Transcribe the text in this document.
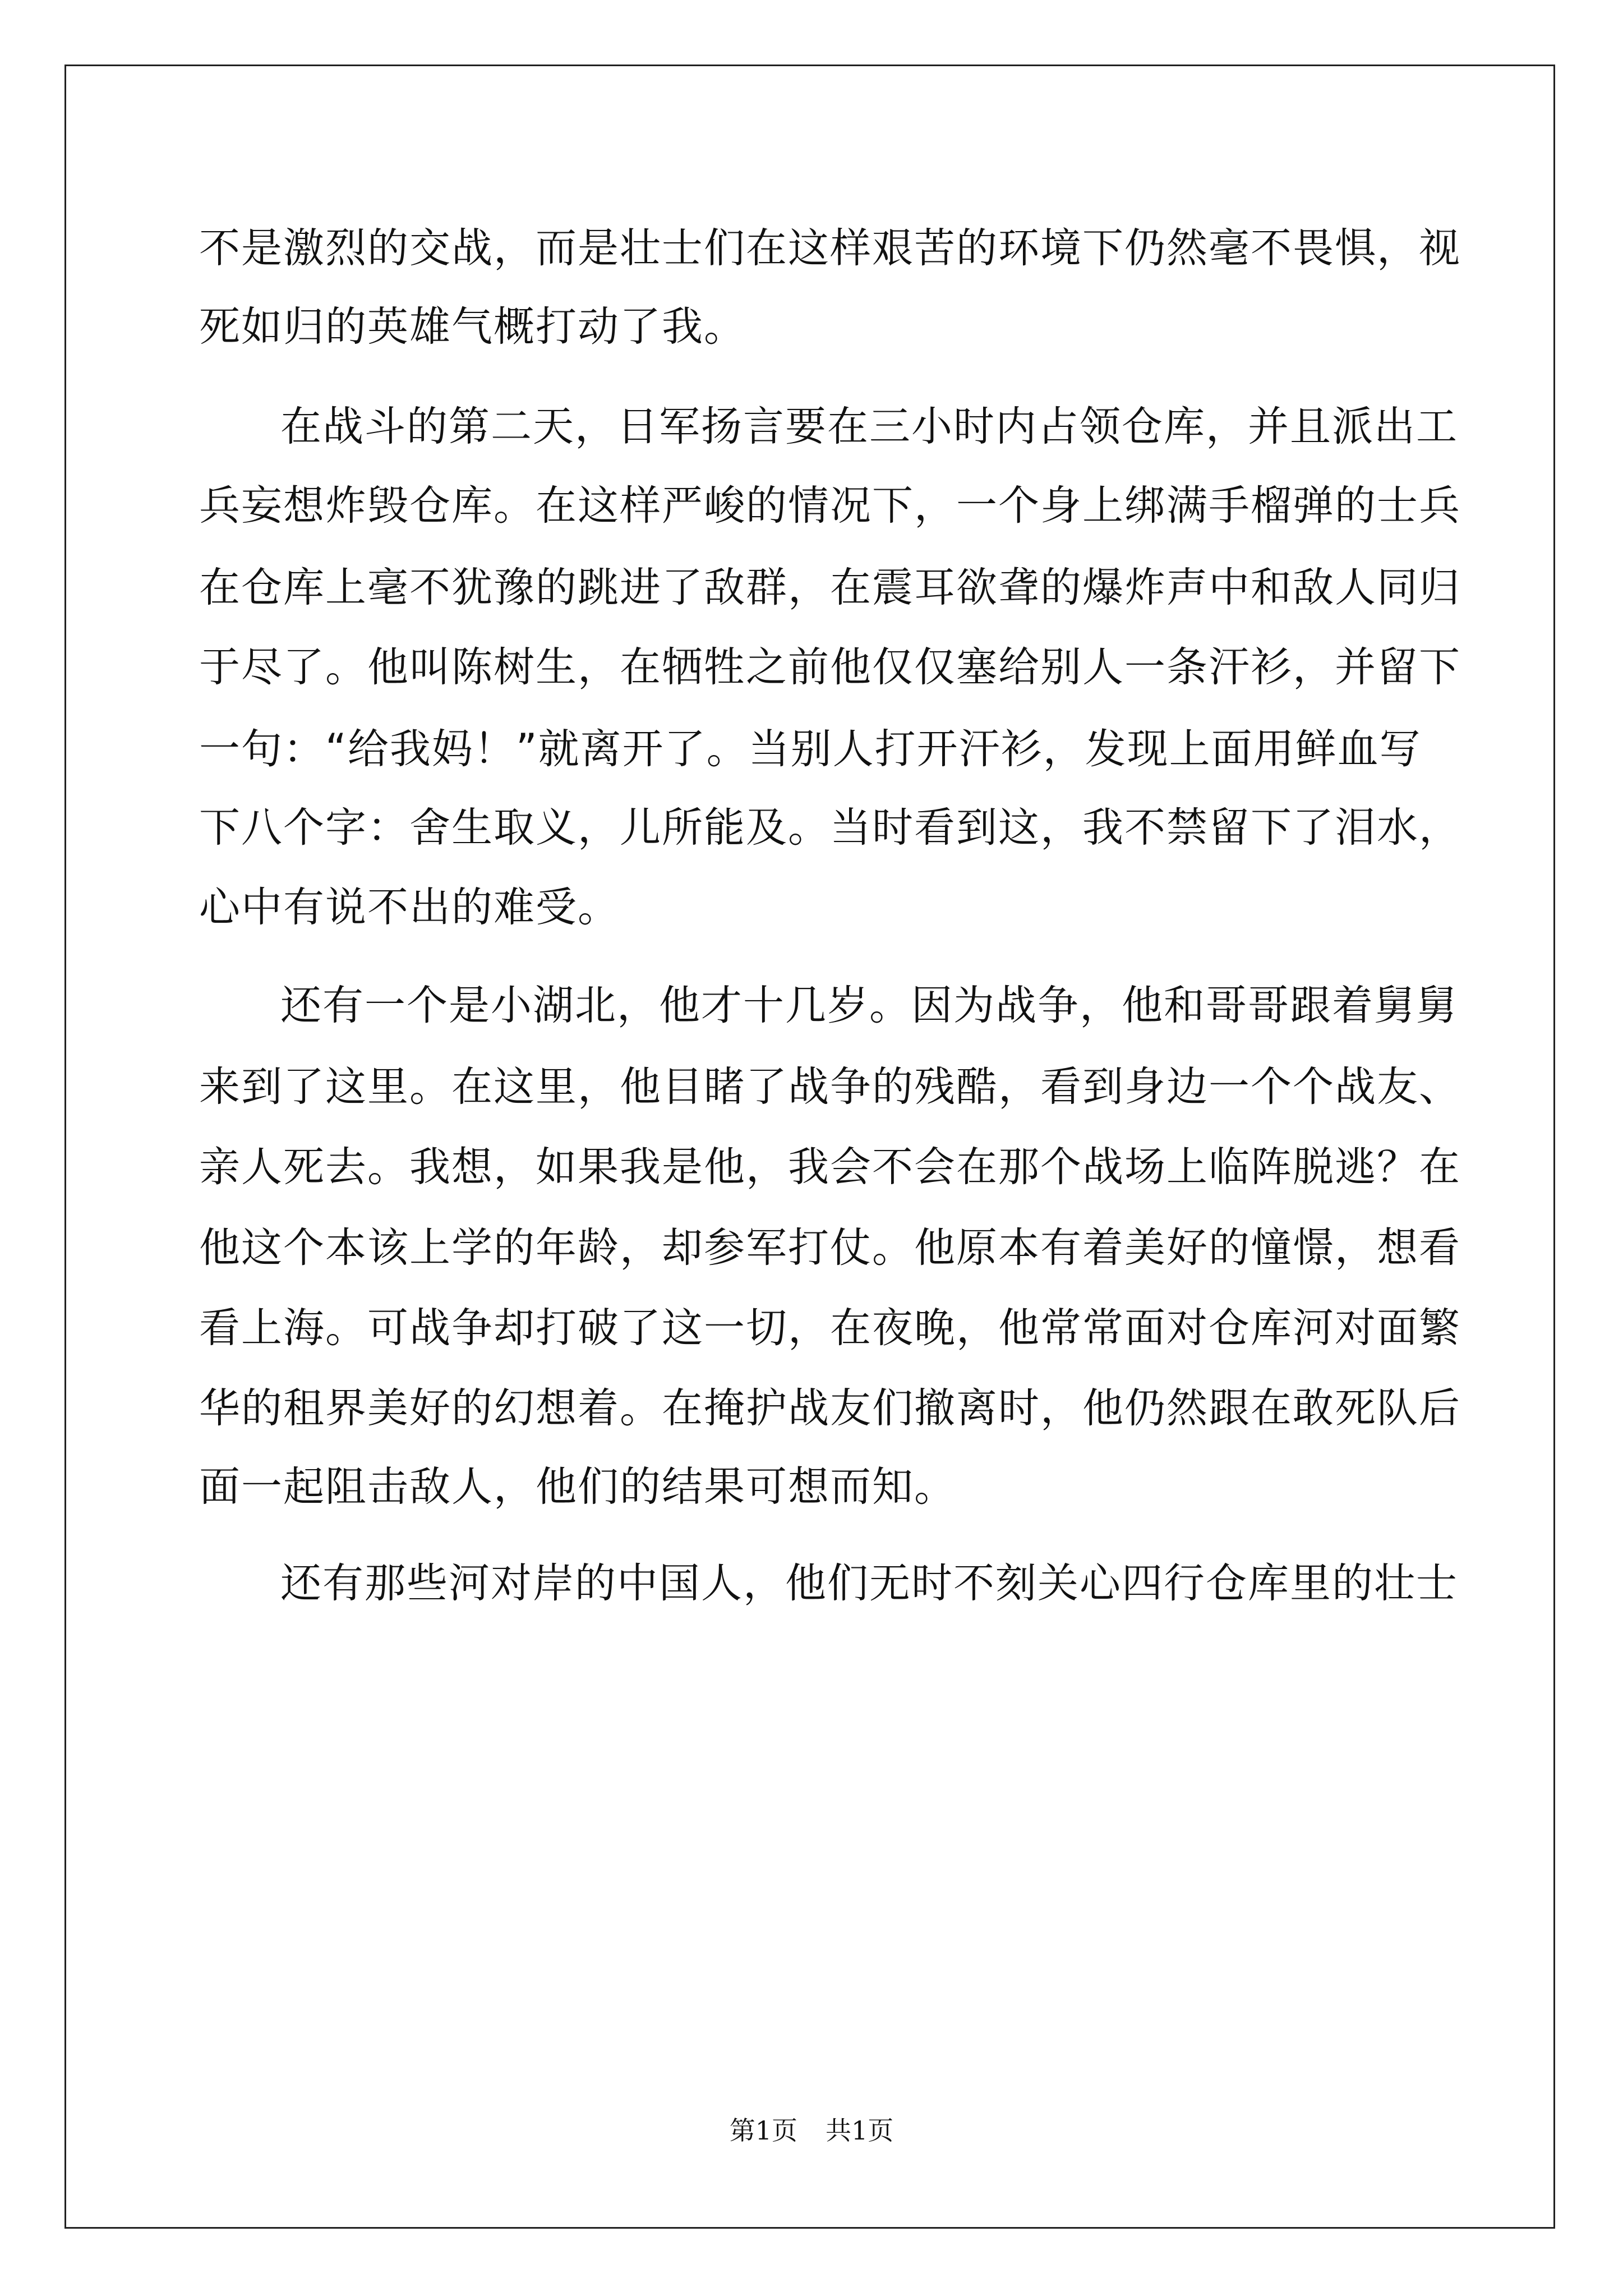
不是激烈的交战，而是壮士们在这样艰苦的环境下仍然毫不畏惧，视
死如归的英雄气概打动了我。
在战斗的第二天，日军扬言要在三小时内占领仓库，并且派出工
兵妄想炸毁仓库。在这样严峻的情况下，一个身上绑满手榴弹的士兵
在仓库上毫不犹豫的跳进了敌群，在震耳欲聋的爆炸声中和敌人同归
于尽了。他叫陈树生，在牺牲之前他仅仅塞给别人一条汗衫，并留下
一句：“给我妈！”就离开了。当别人打开汗衫，发现上面用鲜血写
下八个字：舍生取义，儿所能及。当时看到这，我不禁留下了泪水，
心中有说不出的难受。
还有一个是小湖北，他才十几岁。因为战争，他和哥哥跟着舅舅
来到了这里。在这里，他目睹了战争的残酷，看到身边一个个战友、
亲人死去。我想，如果我是他，我会不会在那个战场上临阵脱逃？在
他这个本该上学的年龄，却参军打仗。他原本有着美好的憧憬，想看
看上海。可战争却打破了这一切，在夜晚，他常常面对仓库河对面繁
华的租界美好的幻想着。在掩护战友们撤离时，他仍然跟在敢死队后
面一起阻击敌人，他们的结果可想而知。
还有那些河对岸的中国人，他们无时不刻关心四行仓库里的壮士
第1页 共1页
